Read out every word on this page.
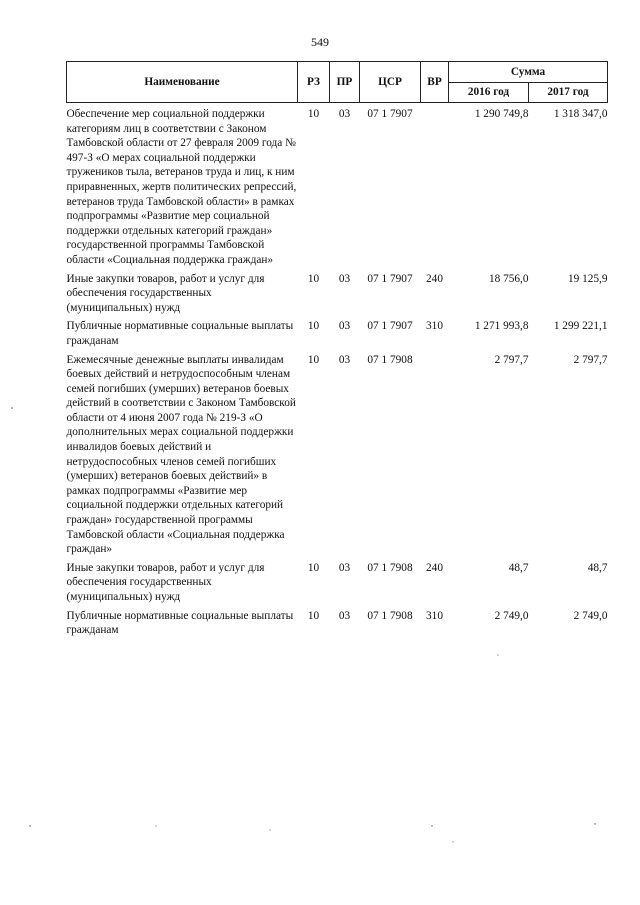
549
Наименование	РЗ	ПР	ЦСР	ВР	Сумма	
					2016 год	2017 год

Обеспечение мер социальной поддержки категориям лиц в соответствии с Законом Тамбовской области от 27 февраля 2009 года № 497-З «О мерах социальной поддержки тружеников тыла, ветеранов труда и лиц, к ним приравненных, жертв политических репрессий, ветеранов труда Тамбовской области» в рамках подпрограммы «Развитие мер социальной поддержки отдельных категорий граждан» государственной программы Тамбовской области «Социальная поддержка граждан»	10	03	07 1 7907		1 290 749,8	1 318 347,0

Иные закупки товаров, работ и услуг для обеспечения государственных (муниципальных) нужд	10	03	07 1 7907	240	18 756,0	19 125,9

Публичные нормативные социальные выплаты гражданам	10	03	07 1 7907	310	1 271 993,8	1 299 221,1

Ежемесячные денежные выплаты инвалидам боевых действий и нетрудоспособным членам семей погибших (умерших) ветеранов боевых действий в соответствии с Законом Тамбовской области от 4 июня 2007 года № 219-З «О дополнительных мерах социальной поддержки инвалидов боевых действий и нетрудоспособных членов семей погибших (умерших) ветеранов боевых действий» в рамках подпрограммы «Развитие мер социальной поддержки отдельных категорий граждан» государственной программы Тамбовской области «Социальная поддержка граждан»	10	03	07 1 7908		2 797,7	2 797,7

Иные закупки товаров, работ и услуг для обеспечения государственных (муниципальных) нужд	10	03	07 1 7908	240	48,7	48,7

Публичные нормативные социальные выплаты гражданам	10	03	07 1 7908	310	2 749,0	2 749,0
